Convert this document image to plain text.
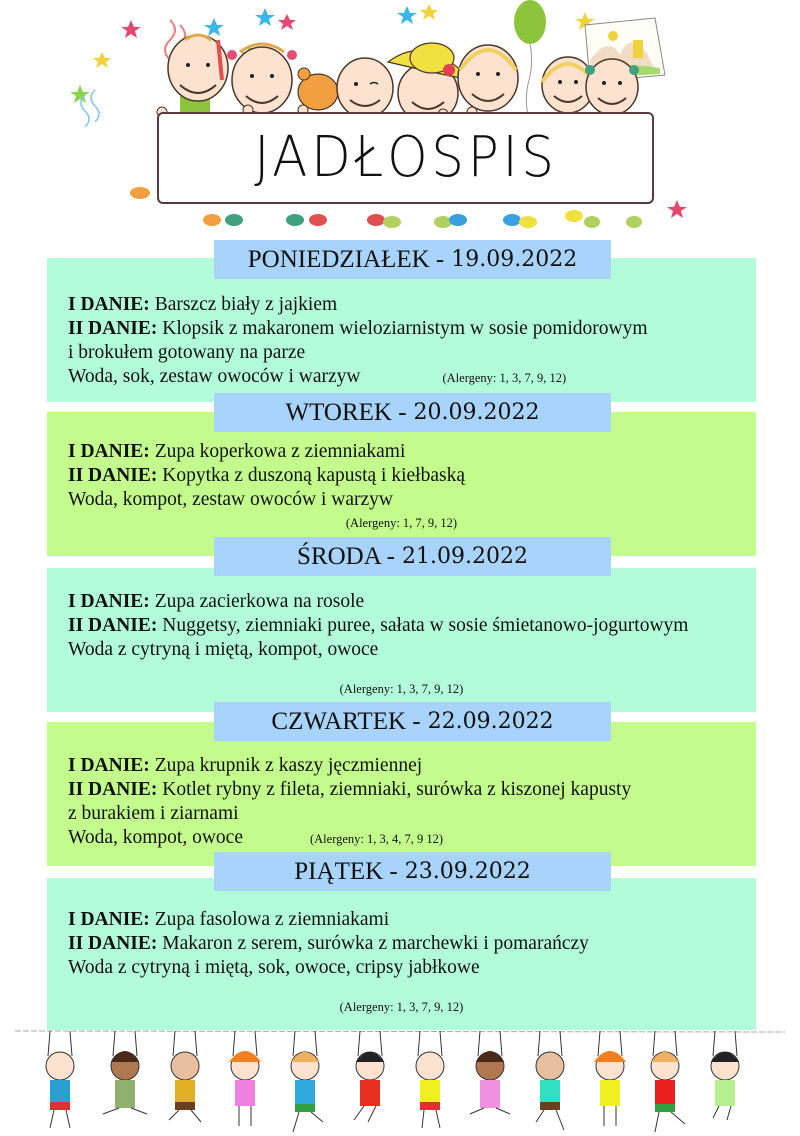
JADŁOSPIS
PONIEDZIAŁEK - 19.09.2022
I DANIE: Barszcz biały z jajkiem
II DANIE: Klopsik z makaronem wieloziarnistym w sosie pomidorowym
i brokułem gotowany na parze
Woda, sok, zestaw owoców i warzyw	(Alergeny: 1, 3, 7, 9, 12)
WTOREK - 20.09.2022
I DANIE: Zupa koperkowa z ziemniakami
II DANIE: Kopytka z duszoną kapustą i kiełbaską
Woda, kompot, zestaw owoców i warzyw
(Alergeny: 1, 7, 9, 12)
ŚRODA - 21.09.2022
I DANIE: Zupa zacierkowa na rosole
II DANIE: Nuggetsy, ziemniaki puree, sałata w sosie śmietanowo-jogurtowym
Woda z cytryną i miętą, kompot, owoce
(Alergeny: 1, 3, 7, 9, 12)
CZWARTEK - 22.09.2022
I DANIE: Zupa krupnik z kaszy jęczmiennej
II DANIE: Kotlet rybny z fileta, ziemniaki, surówka z kiszonej kapusty
z burakiem i ziarnami
Woda, kompot, owoce	(Alergeny: 1, 3, 4, 7, 9 12)
PIĄTEK - 23.09.2022
I DANIE: Zupa fasolowa z ziemniakami
II DANIE: Makaron z serem, surówka z marchewki i pomarańczy
Woda z cytryną i miętą, sok, owoce, cripsy jabłkowe
(Alergeny: 1, 3, 7, 9, 12)
